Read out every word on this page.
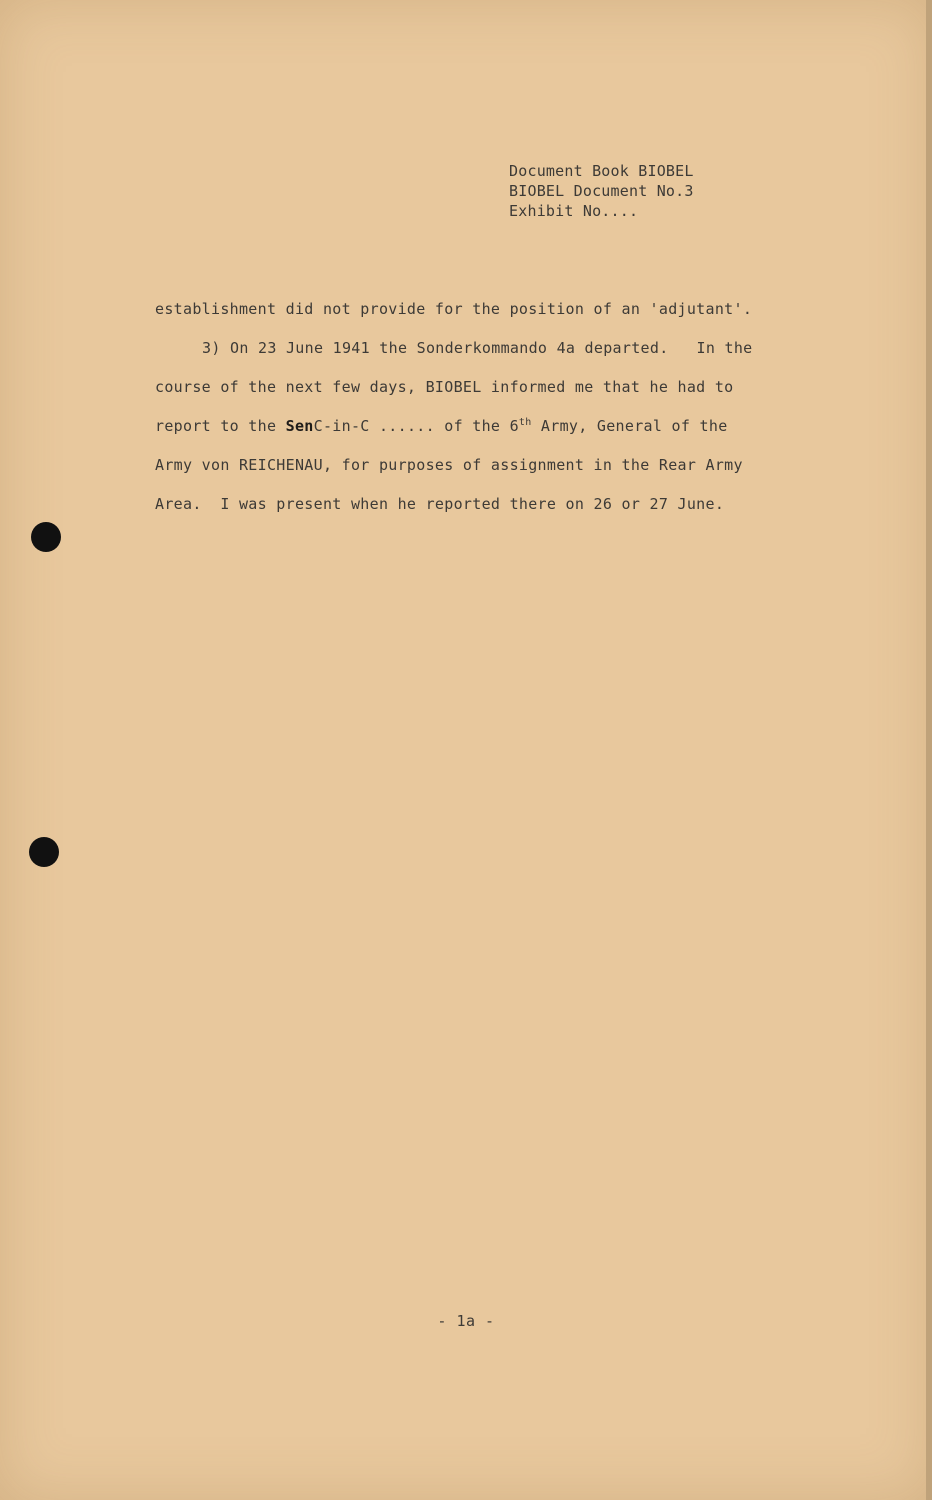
Document Book BIOBEL
BIOBEL Document No.3
Exhibit No....
establishment did not provide for the position of an 'adjutant'.
3) On 23 June 1941 the Sonderkommando 4a departed.   In the
course of the next few days, BIOBEL informed me that he had to
report to the SenC-in-C ...... of the 6th Army, General of the
Army von REICHENAU, for purposes of assignment in the Rear Army
Area.  I was present when he reported there on 26 or 27 June.
- 1a -
